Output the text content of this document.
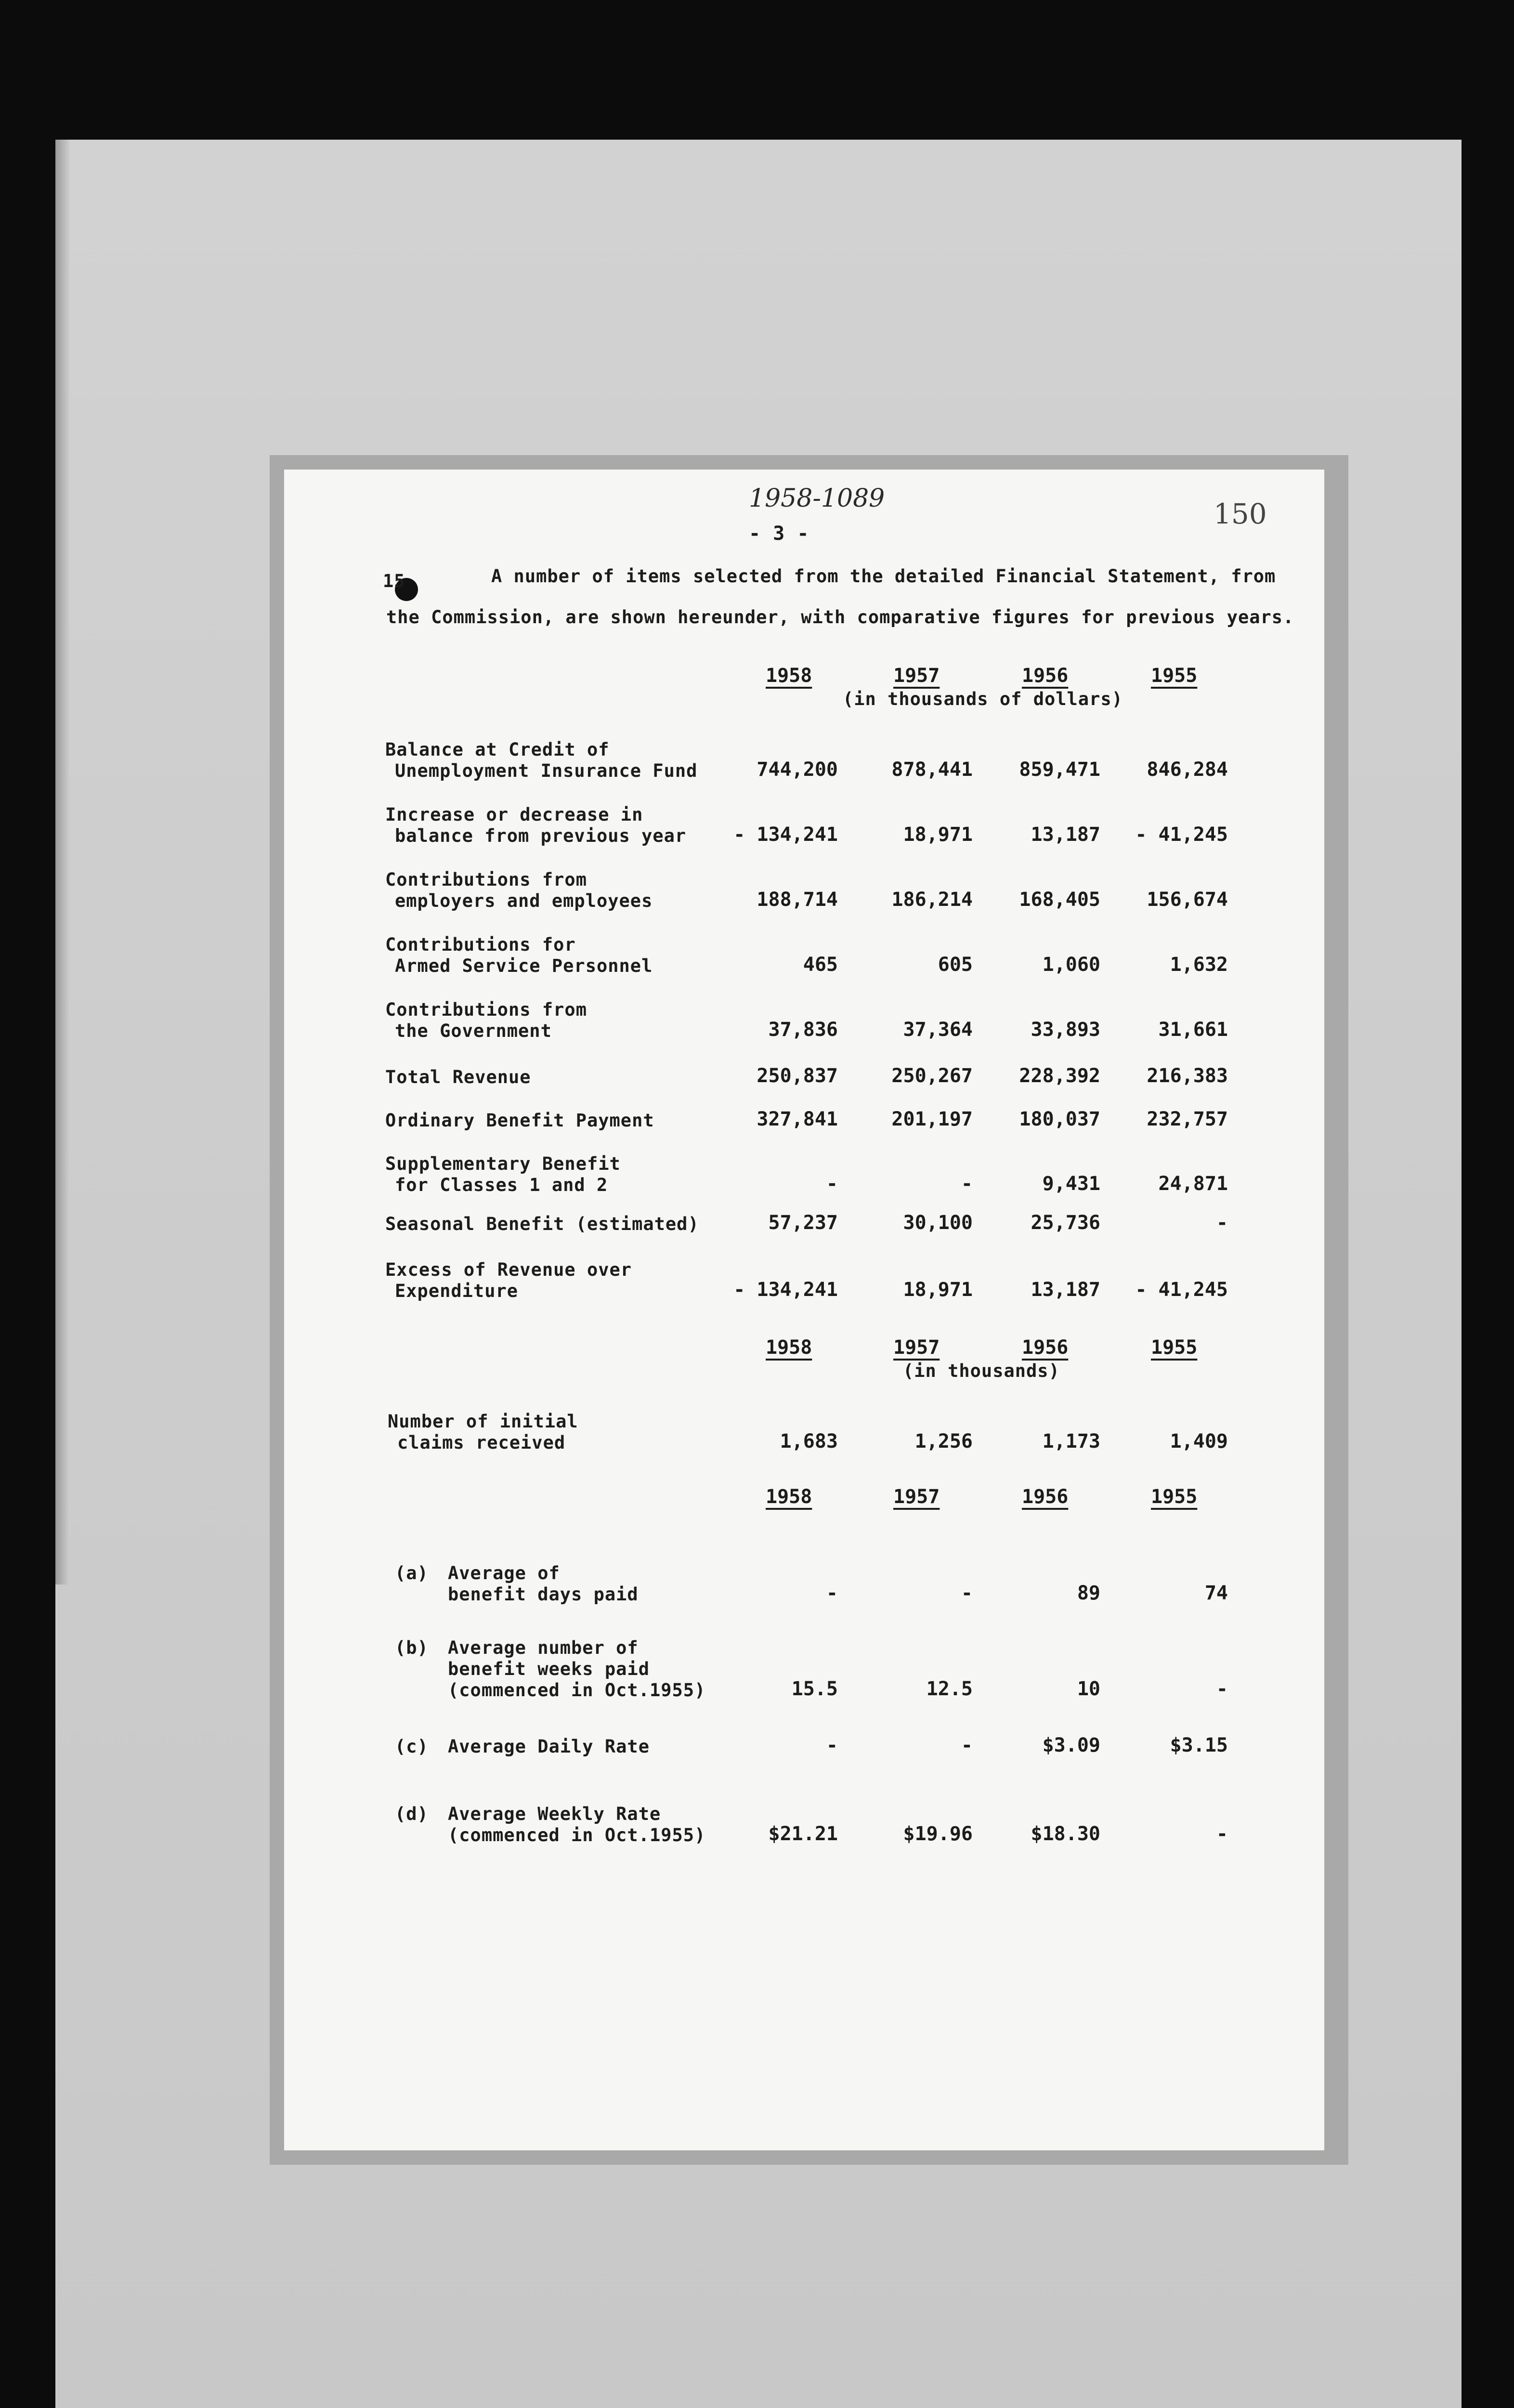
1958-1089
- 3 -
150
15	A number of items selected from the detailed Financial Statement, from
the Commission, are shown hereunder, with comparative figures for previous years.
1958	1957	1956	1955
(in thousands of dollars)
Balance at Credit of
Unemployment Insurance Fund	744,200	878,441	859,471	846,284
Increase or decrease in
balance from previous year	- 134,241	18,971	13,187	- 41,245
Contributions from
employers and employees	188,714	186,214	168,405	156,674
Contributions for
Armed Service Personnel	465	605	1,060	1,632
Contributions from
the Government	37,836	37,364	33,893	31,661
Total Revenue	250,837	250,267	228,392	216,383
Ordinary Benefit Payment	327,841	201,197	180,037	232,757
Supplementary Benefit
for Classes 1 and 2	-	-	9,431	24,871
Seasonal Benefit (estimated)	57,237	30,100	25,736	-
Excess of Revenue over
Expenditure	- 134,241	18,971	13,187	- 41,245
1958	1957	1956	1955
(in thousands)
Number of initial
claims received	1,683	1,256	1,173	1,409
1958	1957	1956	1955
(a) Average of
benefit days paid	-	-	89	74
(b) Average number of
benefit weeks paid
(commenced in Oct.1955)	15.5	12.5	10	-
(c) Average Daily Rate	-	-	$3.09	$3.15
(d) Average Weekly Rate
(commenced in Oct.1955)	$21.21	$19.96	$18.30	-
